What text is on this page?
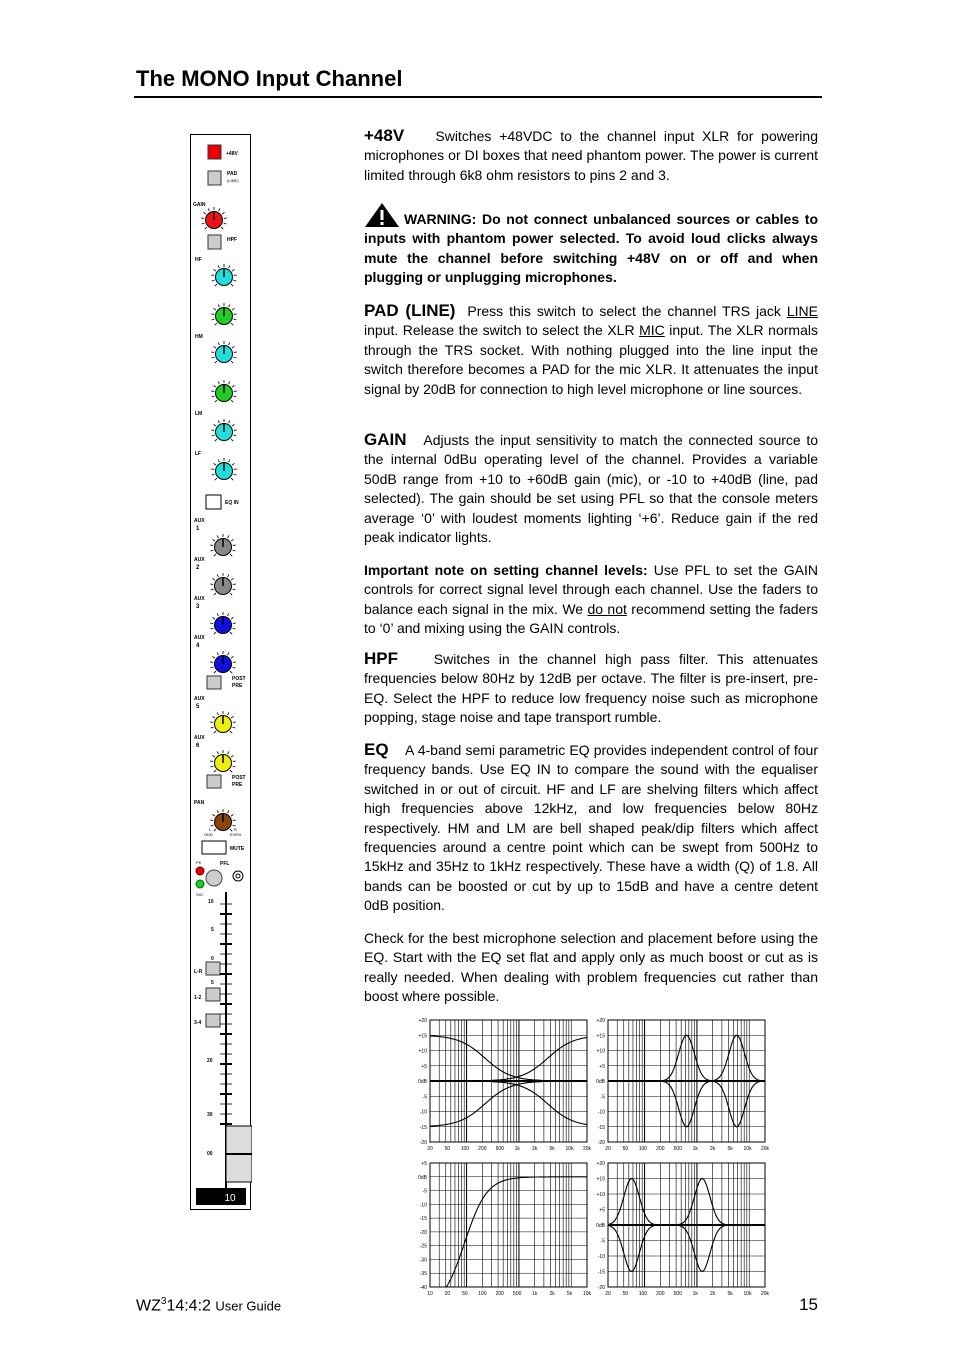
The MONO Input Channel
+48V
PAD
(LINE)
GAIN
HPF
HF
HM
LM
LF
EQ IN
AUX
1
AUX
2
AUX
3
AUX
4
POST
PRE
AUX
5
AUX
6
POST
PRE
PAN
L	R
ODD	EVEN
MUTE
PK
SIG
PFL
10
5
0
5
20
30
00
L-R
1-2
3-4
10
+48V Switches +48VDC to the channel input XLR for powering microphones or DI boxes that need phantom power. The power is current limited through 6k8 ohm resistors to pins 2 and 3.
WARNING: Do not connect unbalanced sources or cables to inputs with phantom power selected. To avoid loud clicks always mute the channel before switching +48V on or off and when plugging or unplugging microphones.
PAD (LINE) Press this switch to select the channel TRS jack LINE input. Release the switch to select the XLR MIC input. The XLR normals through the TRS socket. With nothing plugged into the line input the switch therefore becomes a PAD for the mic XLR. It attenuates the input signal by 20dB for connection to high level microphone or line sources.
GAIN Adjusts the input sensitivity to match the connected source to the internal 0dBu operating level of the channel. Provides a variable 50dB range from +10 to +60dB gain (mic), or -10 to +40dB (line, pad selected). The gain should be set using PFL so that the console meters average ‘0’ with loudest moments lighting ‘+6’. Reduce gain if the red peak indicator lights.
Important note on setting channel levels: Use PFL to set the GAIN controls for correct signal level through each channel. Use the faders to balance each signal in the mix. We do not recommend setting the faders to ‘0’ and mixing using the GAIN controls.
HPF	Switches in the channel high pass filter. This attenuates frequencies below 80Hz by 12dB per octave. The filter is pre-insert, pre-EQ. Select the HPF to reduce low frequency noise such as microphone popping, stage noise and tape transport rumble.
EQ A 4-band semi parametric EQ provides independent control of four frequency bands. Use EQ IN to compare the sound with the equaliser switched in or out of circuit. HF and LF are shelving filters which affect high frequencies above 12kHz, and low frequencies below 80Hz respectively. HM and LM are bell shaped peak/dip filters which affect frequencies around a centre point which can be swept from 500Hz to 15kHz and 35Hz to 1kHz respectively. These have a width (Q) of 1.8. All bands can be boosted or cut by up to 15dB and have a centre detent 0dB position.
Check for the best microphone selection and placement before using the EQ. Start with the EQ set flat and apply only as much boost or cut as is really needed. When dealing with problem frequencies cut rather than boost where possible.
+20
+15
+10
+5
0dB
-5
-10
-15
-20
20 50 100 200 500 1k 2k 5k 10k 20k
+20
+15
+10
+5
0dB
-5
-10
-15
-20
20 50 100 200 500 1k 2k 5k 10k 20k
+5
0dB
-5
-10
-15
-20
-25
-30
-35
-40
10 20 50 100 200 500 1k 2k 5k 10k
+20
+15
+10
+5
0dB
-5
-10
-15
-20
20 50 100 200 500 1k 2k 5k 10k 20k
$WZ^314:4:2$ User Guide	15
